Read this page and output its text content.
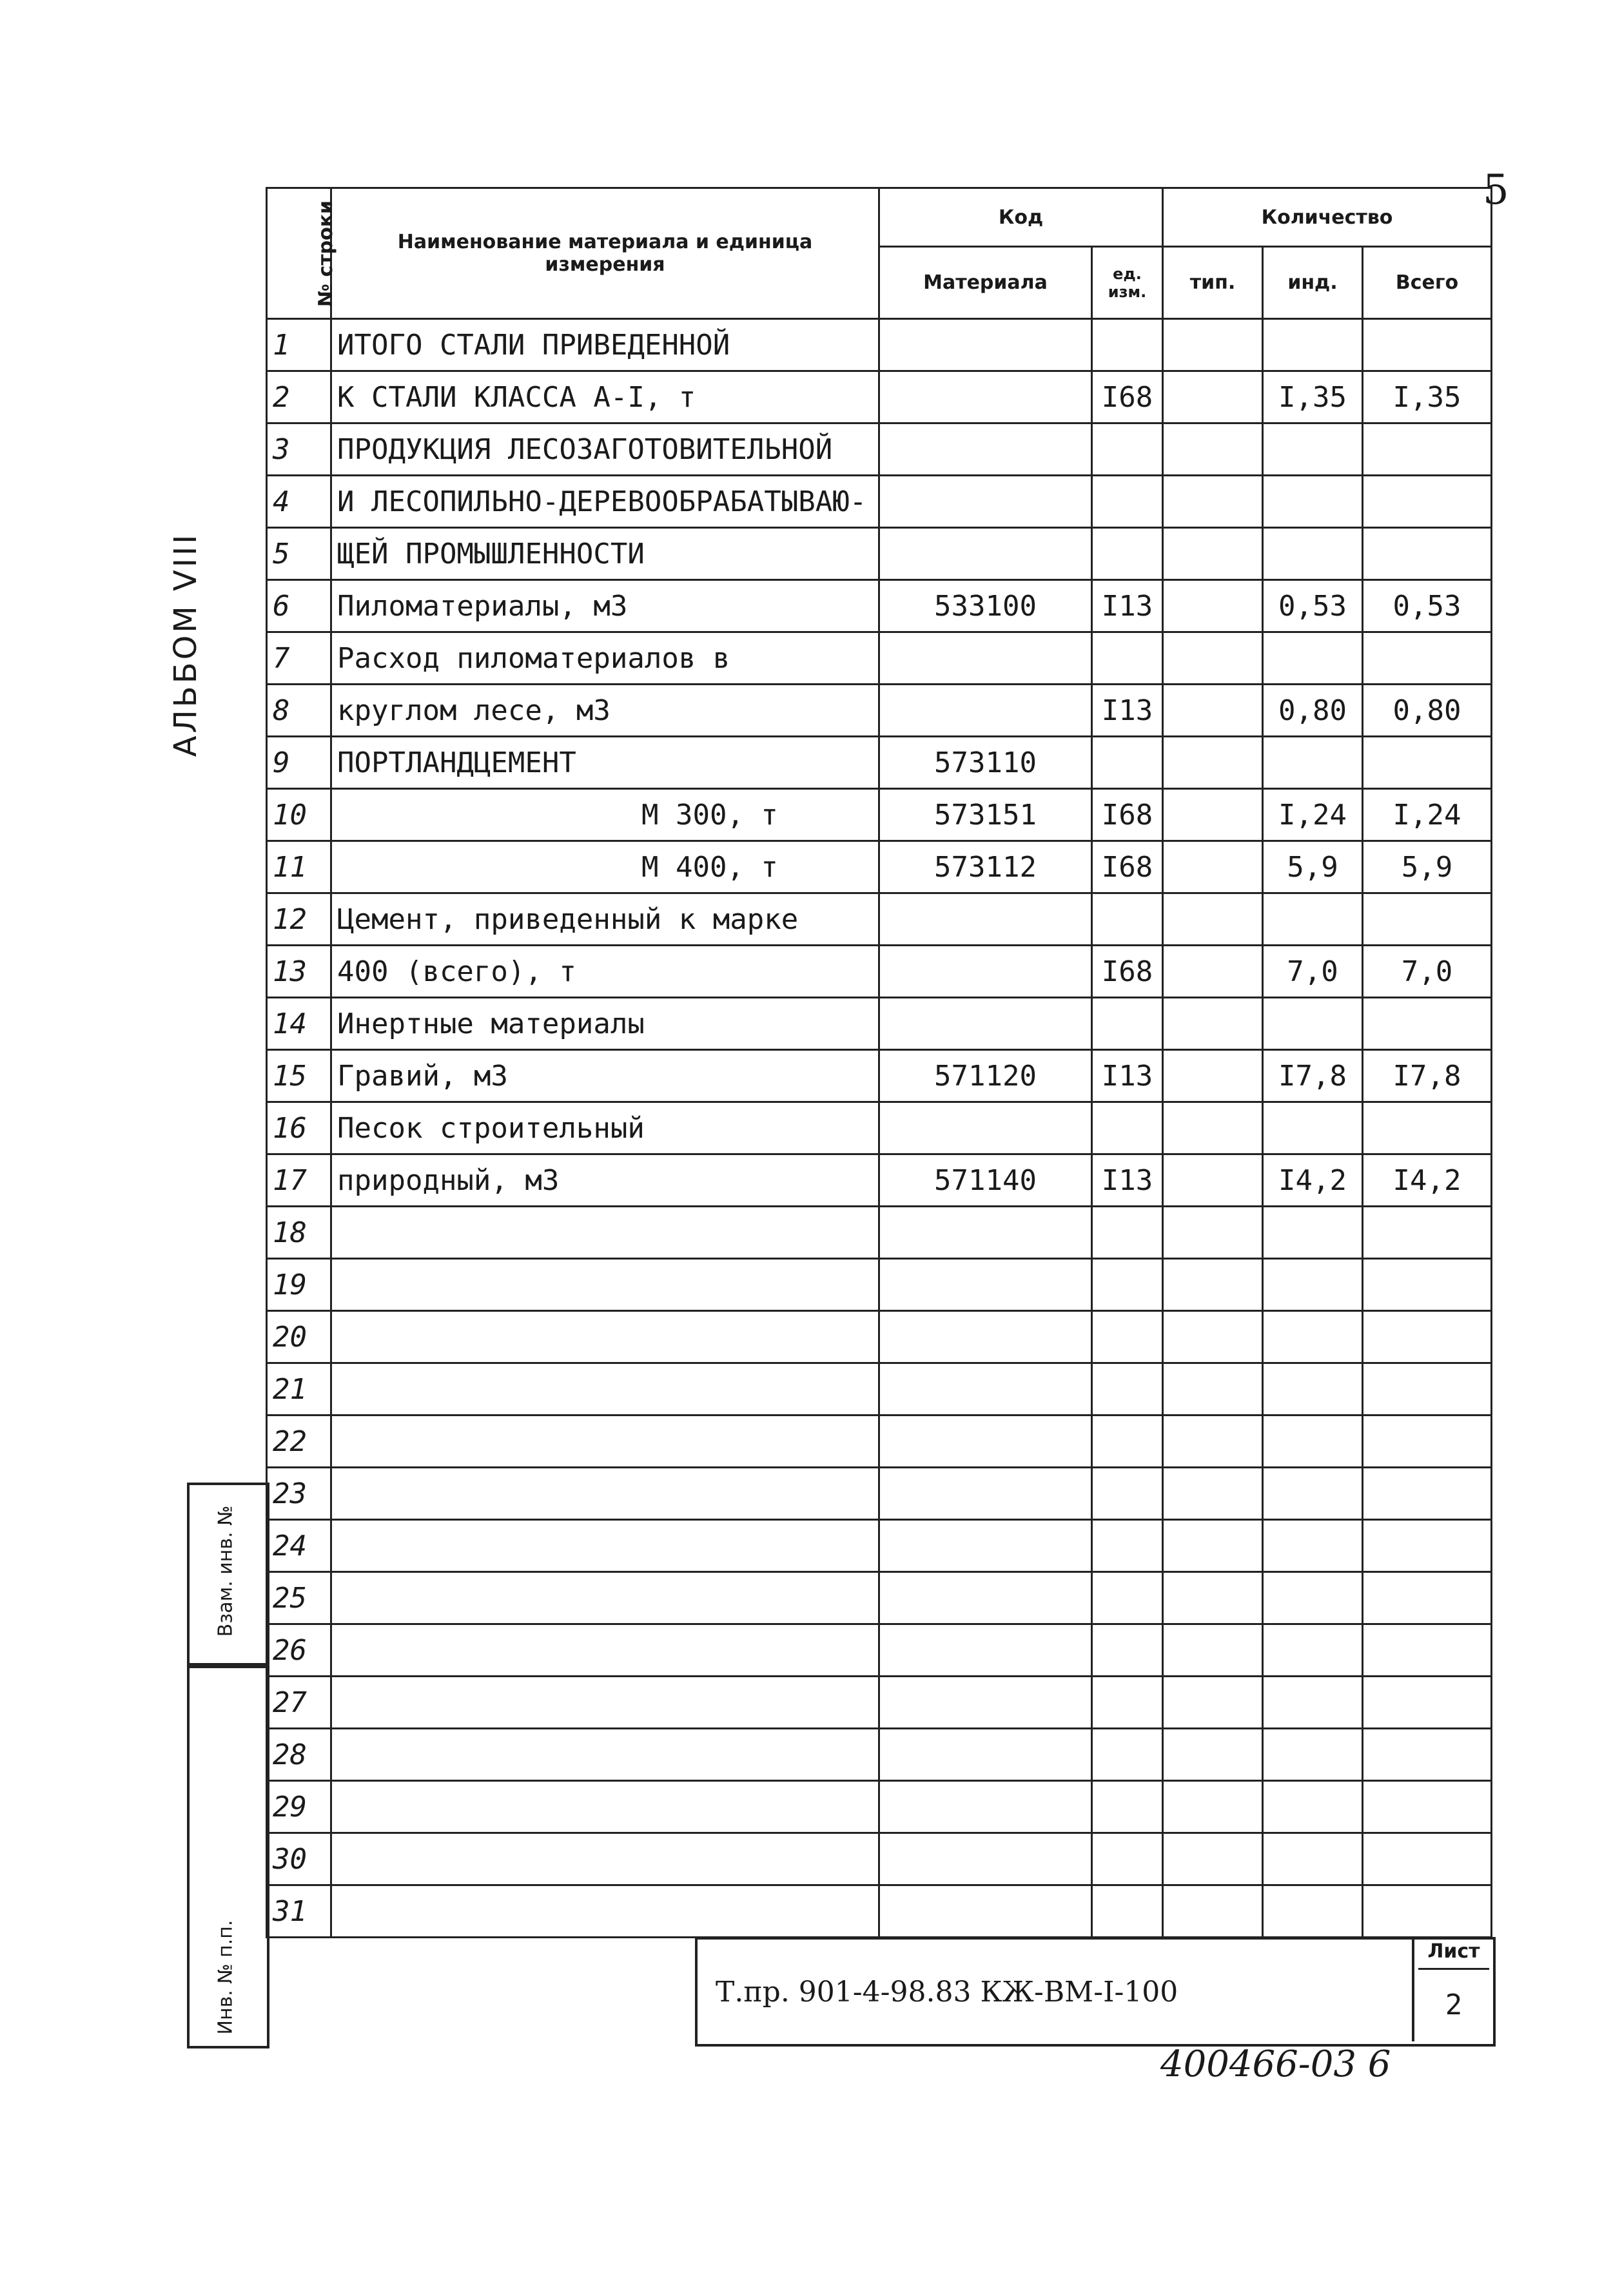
5
АЛЬБОМ VIII
Взам. инв. №
Инв. № п.п.
№ строки	Наименование материала и единица измерения	Код		Количество		
		Материала	ед. изм.	тип.	инд.	Всего
1	ИТОГО СТАЛИ ПРИВЕДЕННОЙ					
2	К СТАЛИ КЛАССА А-I, т		I68		I,35	I,35
3	ПРОДУКЦИЯ ЛЕСОЗАГОТОВИТЕЛЬНОЙ					
4	И ЛЕСОПИЛЬНО-ДЕРЕВООБРАБАТЫВАЮ-					
5	ЩЕЙ ПРОМЫШЛЕННОСТИ					
6	Пиломатериалы, м3	533100	I13		0,53	0,53
7	Расход пиломатериалов в					
8	круглом лесе, м3		I13		0,80	0,80
9	ПОРТЛАНДЦЕМЕНТ	573110				
10	М 300, т	573151	I68		I,24	I,24
11	М 400, т	573112	I68		5,9	5,9
12	Цемент, приведенный к марке					
13	400 (всего), т		I68		7,0	7,0
14	Инертные материалы					
15	Гравий, м3	571120	I13		I7,8	I7,8
16	Песок строительный					
17	природный, м3	571140	I13		I4,2	I4,2
18						
19						
20						
21						
22						
23						
24						
25						
26						
27						
28						
29						
30						
31						
Т.пр. 901-4-98.83 КЖ-ВМ-I-100
Лист
2
400466-03 6
